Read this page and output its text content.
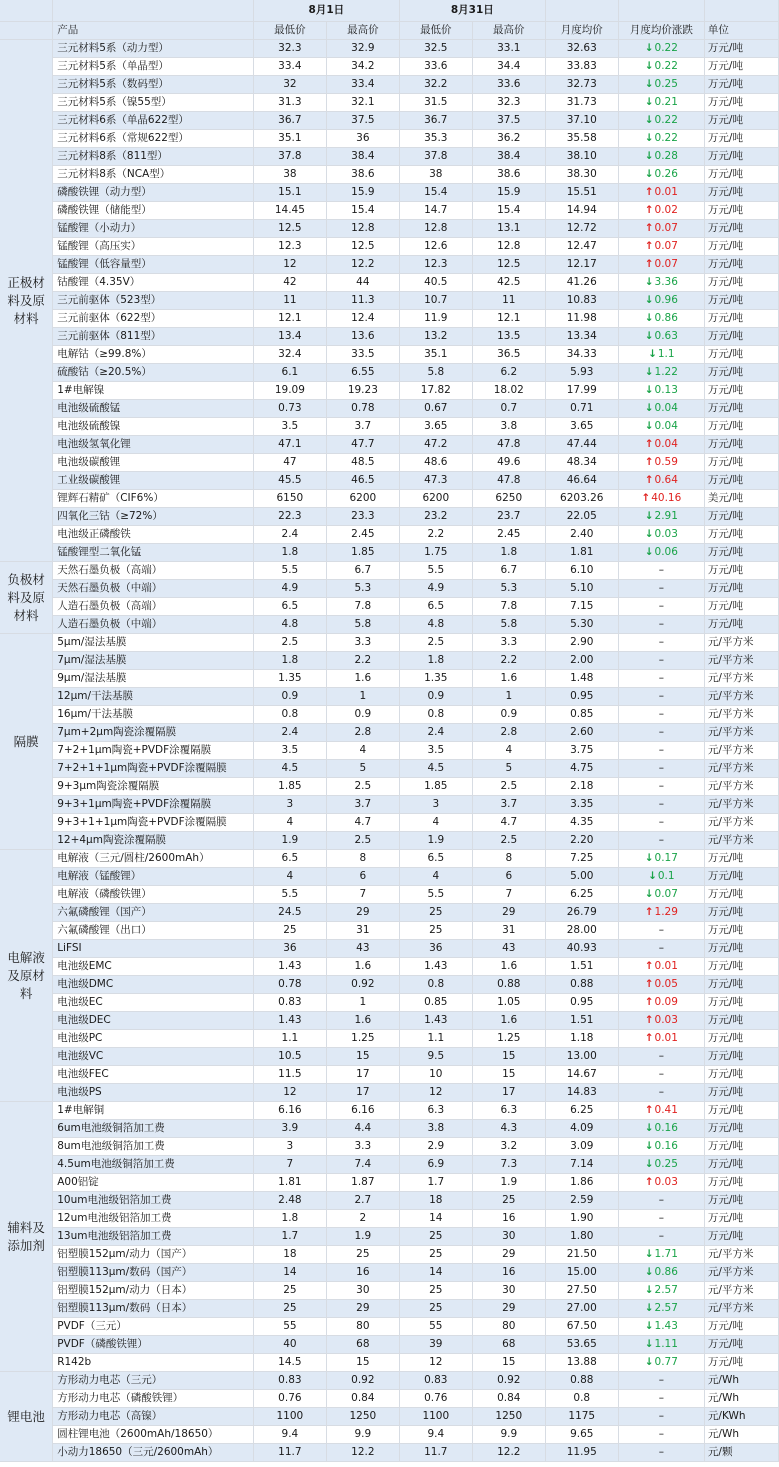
		8月1日		8月31日				
	产品	最低价	最高价	最低价	最高价	月度均价	月度均价涨跌	单位
正极材料及原材料	三元材料5系（动力型）	32.3	32.9	32.5	33.1	32.63	↓0.22	万元/吨
	三元材料5系（单晶型）	33.4	34.2	33.6	34.4	33.83	↓0.22	万元/吨
	三元材料5系（数码型）	32	33.4	32.2	33.6	32.73	↓0.25	万元/吨
	三元材料5系（镍55型）	31.3	32.1	31.5	32.3	31.73	↓0.21	万元/吨
	三元材料6系（单晶622型）	36.7	37.5	36.7	37.5	37.10	↓0.22	万元/吨
	三元材料6系（常规622型）	35.1	36	35.3	36.2	35.58	↓0.22	万元/吨
	三元材料8系（811型）	37.8	38.4	37.8	38.4	38.10	↓0.28	万元/吨
	三元材料8系（NCA型）	38	38.6	38	38.6	38.30	↓0.26	万元/吨
	磷酸铁锂（动力型）	15.1	15.9	15.4	15.9	15.51	↑0.01	万元/吨
	磷酸铁锂（储能型）	14.45	15.4	14.7	15.4	14.94	↑0.02	万元/吨
	锰酸锂（小动力）	12.5	12.8	12.8	13.1	12.72	↑0.07	万元/吨
	锰酸锂（高压实）	12.3	12.5	12.6	12.8	12.47	↑0.07	万元/吨
	锰酸锂（低容量型）	12	12.2	12.3	12.5	12.17	↑0.07	万元/吨
	钴酸锂（4.35V）	42	44	40.5	42.5	41.26	↓3.36	万元/吨
	三元前驱体（523型）	11	11.3	10.7	11	10.83	↓0.96	万元/吨
	三元前驱体（622型）	12.1	12.4	11.9	12.1	11.98	↓0.86	万元/吨
	三元前驱体（811型）	13.4	13.6	13.2	13.5	13.34	↓0.63	万元/吨
	电解钴（≥99.8%）	32.4	33.5	35.1	36.5	34.33	↓1.1	万元/吨
	硫酸钴（≥20.5%）	6.1	6.55	5.8	6.2	5.93	↓1.22	万元/吨
	1#电解镍	19.09	19.23	17.82	18.02	17.99	↓0.13	万元/吨
	电池级硫酸锰	0.73	0.78	0.67	0.7	0.71	↓0.04	万元/吨
	电池级硫酸镍	3.5	3.7	3.65	3.8	3.65	↓0.04	万元/吨
	电池级氢氧化锂	47.1	47.7	47.2	47.8	47.44	↑0.04	万元/吨
	电池级碳酸锂	47	48.5	48.6	49.6	48.34	↑0.59	万元/吨
	工业级碳酸锂	45.5	46.5	47.3	47.8	46.64	↑0.64	万元/吨
	锂辉石精矿（CIF6%）	6150	6200	6200	6250	6203.26	↑40.16	美元/吨
	四氧化三钴（≥72%）	22.3	23.3	23.2	23.7	22.05	↓2.91	万元/吨
	电池级正磷酸铁	2.4	2.45	2.2	2.45	2.40	↓0.03	万元/吨
	锰酸锂型二氧化锰	1.8	1.85	1.75	1.8	1.81	↓0.06	万元/吨
负极材料及原材料	天然石墨负极（高端）	5.5	6.7	5.5	6.7	6.10	–	万元/吨
	天然石墨负极（中端）	4.9	5.3	4.9	5.3	5.10	–	万元/吨
	人造石墨负极（高端）	6.5	7.8	6.5	7.8	7.15	–	万元/吨
	人造石墨负极（中端）	4.8	5.8	4.8	5.8	5.30	–	万元/吨
隔膜	5μm/湿法基膜	2.5	3.3	2.5	3.3	2.90	–	元/平方米
	7μm/湿法基膜	1.8	2.2	1.8	2.2	2.00	–	元/平方米
	9μm/湿法基膜	1.35	1.6	1.35	1.6	1.48	–	元/平方米
	12μm/干法基膜	0.9	1	0.9	1	0.95	–	元/平方米
	16μm/干法基膜	0.8	0.9	0.8	0.9	0.85	–	元/平方米
	7μm+2μm陶瓷涂覆隔膜	2.4	2.8	2.4	2.8	2.60	–	元/平方米
	7+2+1μm陶瓷+PVDF涂覆隔膜	3.5	4	3.5	4	3.75	–	元/平方米
	7+2+1+1μm陶瓷+PVDF涂覆隔膜	4.5	5	4.5	5	4.75	–	元/平方米
	9+3μm陶瓷涂覆隔膜	1.85	2.5	1.85	2.5	2.18	–	元/平方米
	9+3+1μm陶瓷+PVDF涂覆隔膜	3	3.7	3	3.7	3.35	–	元/平方米
	9+3+1+1μm陶瓷+PVDF涂覆隔膜	4	4.7	4	4.7	4.35	–	元/平方米
	12+4μm陶瓷涂覆隔膜	1.9	2.5	1.9	2.5	2.20	–	元/平方米
电解液及原材料	电解液（三元/圆柱/2600mAh）	6.5	8	6.5	8	7.25	↓0.17	万元/吨
	电解液（锰酸锂）	4	6	4	6	5.00	↓0.1	万元/吨
	电解液（磷酸铁锂）	5.5	7	5.5	7	6.25	↓0.07	万元/吨
	六氟磷酸锂（国产）	24.5	29	25	29	26.79	↑1.29	万元/吨
	六氟磷酸锂（出口）	25	31	25	31	28.00	–	万元/吨
	LiFSI	36	43	36	43	40.93	–	万元/吨
	电池级EMC	1.43	1.6	1.43	1.6	1.51	↑0.01	万元/吨
	电池级DMC	0.78	0.92	0.8	0.88	0.88	↑0.05	万元/吨
	电池级EC	0.83	1	0.85	1.05	0.95	↑0.09	万元/吨
	电池级DEC	1.43	1.6	1.43	1.6	1.51	↑0.03	万元/吨
	电池级PC	1.1	1.25	1.1	1.25	1.18	↑0.01	万元/吨
	电池级VC	10.5	15	9.5	15	13.00	–	万元/吨
	电池级FEC	11.5	17	10	15	14.67	–	万元/吨
	电池级PS	12	17	12	17	14.83	–	万元/吨
辅料及添加剂	1#电解铜	6.16	6.16	6.3	6.3	6.25	↑0.41	万元/吨
	6um电池级铜箔加工费	3.9	4.4	3.8	4.3	4.09	↓0.16	万元/吨
	8um电池级铜箔加工费	3	3.3	2.9	3.2	3.09	↓0.16	万元/吨
	4.5um电池级铜箔加工费	7	7.4	6.9	7.3	7.14	↓0.25	万元/吨
	A00铝锭	1.81	1.87	1.7	1.9	1.86	↑0.03	万元/吨
	10um电池级铝箔加工费	2.48	2.7	18	25	2.59	–	万元/吨
	12um电池级铝箔加工费	1.8	2	14	16	1.90	–	万元/吨
	13um电池级铝箔加工费	1.7	1.9	25	30	1.80	–	万元/吨
	铝塑膜152μm/动力（国产）	18	25	25	29	21.50	↓1.71	元/平方米
	铝塑膜113μm/数码（国产）	14	16	14	16	15.00	↓0.86	元/平方米
	铝塑膜152μm/动力（日本）	25	30	25	30	27.50	↓2.57	元/平方米
	铝塑膜113μm/数码（日本）	25	29	25	29	27.00	↓2.57	元/平方米
	PVDF（三元）	55	80	55	80	67.50	↓1.43	万元/吨
	PVDF（磷酸铁锂）	40	68	39	68	53.65	↓1.11	万元/吨
	R142b	14.5	15	12	15	13.88	↓0.77	万元/吨
锂电池	方形动力电芯（三元）	0.83	0.92	0.83	0.92	0.88	–	元/Wh
	方形动力电芯（磷酸铁锂）	0.76	0.84	0.76	0.84	0.8	–	元/Wh
	方形动力电芯（高镍）	1100	1250	1100	1250	1175	–	元/KWh
	圆柱锂电池（2600mAh/18650）	9.4	9.9	9.4	9.9	9.65	–	元/Wh
	小动力18650（三元/2600mAh）	11.7	12.2	11.7	12.2	11.95	–	元/颗
